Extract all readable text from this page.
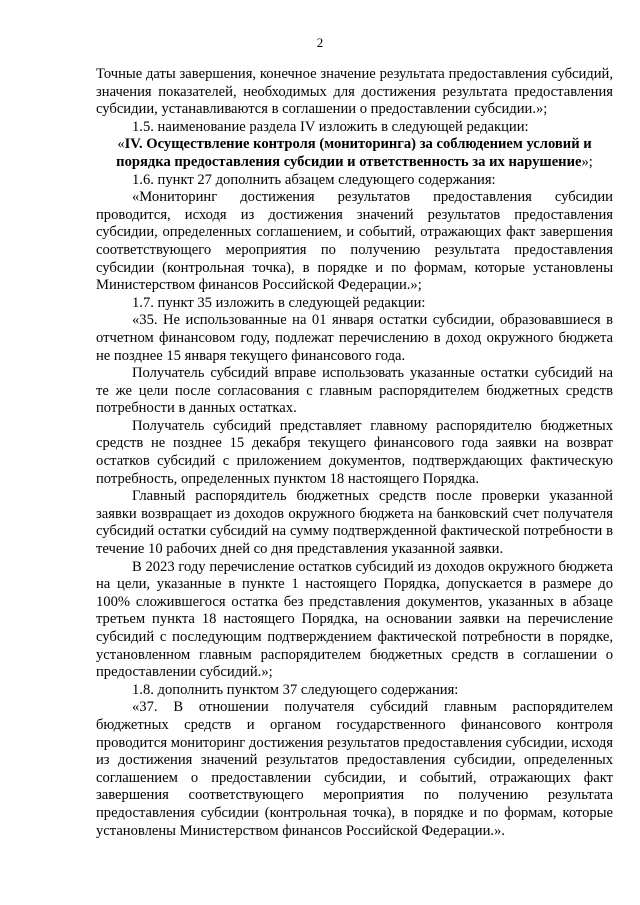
2

Точные даты завершения, конечное значение результата предоставления субсидий, значения показателей, необходимых для достижения результата предоставления субсидии, устанавливаются в соглашении о предоставлении субсидии.»;

1.5. наименование раздела IV изложить в следующей редакции:

«IV. Осуществление контроля (мониторинга) за соблюдением условий и порядка предоставления субсидии и ответственность за их нарушение»;

1.6. пункт 27 дополнить абзацем следующего содержания:

«Мониторинг достижения результатов предоставления субсидии проводится, исходя из достижения значений результатов предоставления субсидии, определенных соглашением, и событий, отражающих факт завершения соответствующего мероприятия по получению результата предоставления субсидии (контрольная точка), в порядке и по формам, которые установлены Министерством финансов Российской Федерации.»;

1.7. пункт 35 изложить в следующей редакции:

«35. Не использованные на 01 января остатки субсидии, образовавшиеся в отчетном финансовом году, подлежат перечислению в доход окружного бюджета не позднее 15 января текущего финансового года.

Получатель субсидий вправе использовать указанные остатки субсидий на те же цели после согласования с главным распорядителем бюджетных средств потребности в данных остатках.

Получатель субсидий представляет главному распорядителю бюджетных средств не позднее 15 декабря текущего финансового года заявки на возврат остатков субсидий с приложением документов, подтверждающих фактическую потребность, определенных пунктом 18 настоящего Порядка.

Главный распорядитель бюджетных средств после проверки указанной заявки возвращает из доходов окружного бюджета на банковский счет получателя субсидий остатки субсидий на сумму подтвержденной фактической потребности в течение 10 рабочих дней со дня представления указанной заявки.

В 2023 году перечисление остатков субсидий из доходов окружного бюджета на цели, указанные в пункте 1 настоящего Порядка, допускается в размере до 100% сложившегося остатка без представления документов, указанных в абзаце третьем пункта 18 настоящего Порядка, на основании заявки на перечисление субсидий с последующим подтверждением фактической потребности в порядке, установленном главным распорядителем бюджетных средств в соглашении о предоставлении субсидий.»;

1.8. дополнить пунктом 37 следующего содержания:

«37. В отношении получателя субсидий главным распорядителем бюджетных средств и органом государственного финансового контроля проводится мониторинг достижения результатов предоставления субсидии, исходя из достижения значений результатов предоставления субсидии, определенных соглашением о предоставлении субсидии, и событий, отражающих факт завершения соответствующего мероприятия по получению результата предоставления субсидии (контрольная точка), в порядке и по формам, которые установлены Министерством финансов Российской Федерации.».
